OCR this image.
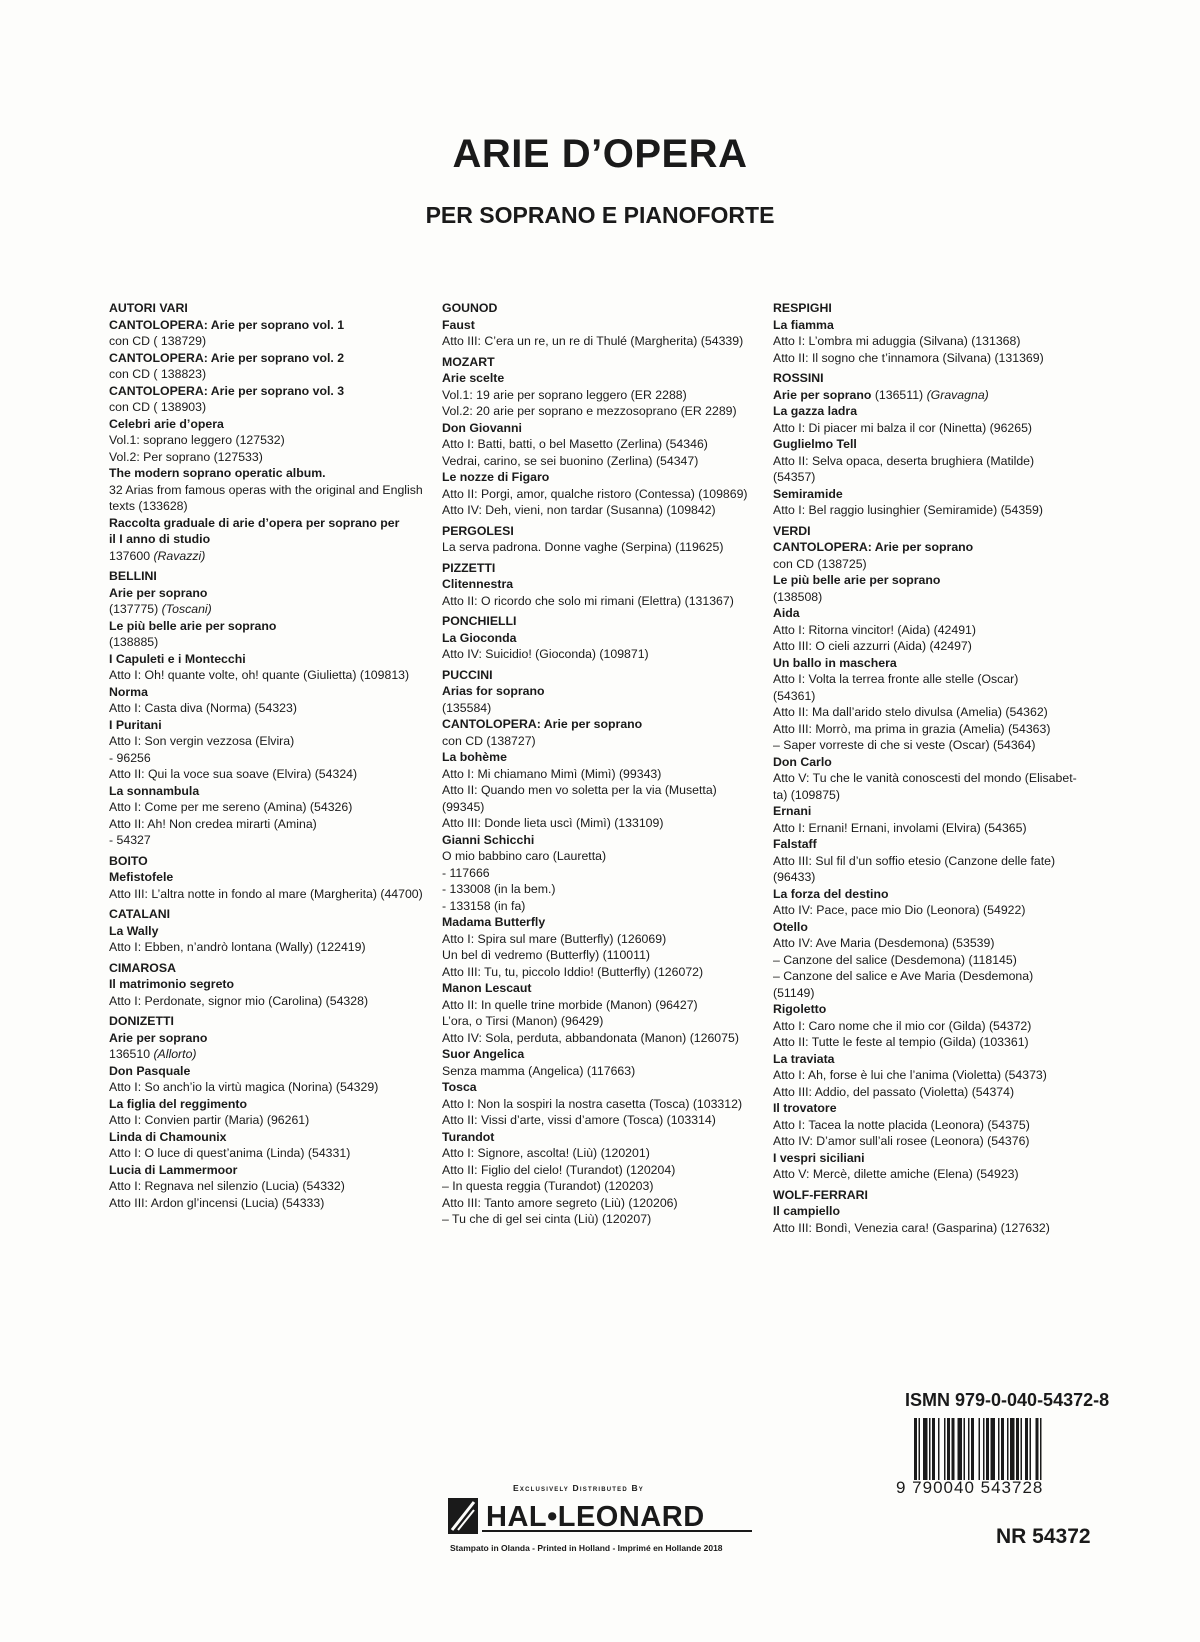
ARIE D’OPERA
PER SOPRANO E PIANOFORTE
AUTORI VARI
CANTOLOPERA: Arie per soprano vol. 1
con CD ( 138729)
CANTOLOPERA: Arie per soprano vol. 2
con CD ( 138823)
CANTOLOPERA: Arie per soprano vol. 3
con CD ( 138903)
Celebri arie d’opera
Vol.1: soprano leggero (127532)
Vol.2: Per soprano (127533)
The modern soprano operatic album.
32 Arias from famous operas with the original and English
texts (133628)
Raccolta graduale di arie d’opera per soprano per
il I anno di studio
137600 (Ravazzi)
BELLINI
Arie per soprano
(137775) (Toscani)
Le più belle arie per soprano
(138885)
I Capuleti e i Montecchi
Atto I: Oh! quante volte, oh! quante (Giulietta) (109813)
Norma
Atto I: Casta diva (Norma) (54323)
I Puritani
Atto I: Son vergin vezzosa (Elvira)
- 96256
Atto II: Qui la voce sua soave (Elvira) (54324)
La sonnambula
Atto I: Come per me sereno (Amina) (54326)
Atto II: Ah! Non credea mirarti (Amina)
- 54327
BOITO
Mefistofele
Atto III: L’altra notte in fondo al mare (Margherita) (44700)
CATALANI
La Wally
Atto I: Ebben, n’andrò lontana (Wally) (122419)
CIMAROSA
Il matrimonio segreto
Atto I: Perdonate, signor mio (Carolina) (54328)
DONIZETTI
Arie per soprano
136510 (Allorto)
Don Pasquale
Atto I: So anch’io la virtù magica (Norina) (54329)
La figlia del reggimento
Atto I: Convien partir (Maria) (96261)
Linda di Chamounix
Atto I: O luce di quest’anima (Linda) (54331)
Lucia di Lammermoor
Atto I: Regnava nel silenzio (Lucia) (54332)
Atto III: Ardon gl’incensi (Lucia) (54333)
GOUNOD
Faust
Atto III: C’era un re, un re di Thulé (Margherita) (54339)
MOZART
Arie scelte
Vol.1: 19 arie per soprano leggero (ER 2288)
Vol.2: 20 arie per soprano e mezzosoprano (ER 2289)
Don Giovanni
Atto I: Batti, batti, o bel Masetto (Zerlina) (54346)
Vedrai, carino, se sei buonino (Zerlina) (54347)
Le nozze di Figaro
Atto II: Porgi, amor, qualche ristoro (Contessa) (109869)
Atto IV: Deh, vieni, non tardar (Susanna) (109842)
PERGOLESI
La serva padrona. Donne vaghe (Serpina) (119625)
PIZZETTI
Clitennestra
Atto II: O ricordo che solo mi rimani (Elettra) (131367)
PONCHIELLI
La Gioconda
Atto IV: Suicidio! (Gioconda) (109871)
PUCCINI
Arias for soprano
(135584)
CANTOLOPERA: Arie per soprano
con CD (138727)
La bohème
Atto I: Mi chiamano Mimì (Mimì) (99343)
Atto II: Quando men vo soletta per la via (Musetta)
(99345)
Atto III: Donde lieta uscì (Mimì) (133109)
Gianni Schicchi
O mio babbino caro (Lauretta)
- 117666
- 133008 (in la bem.)
- 133158 (in fa)
Madama Butterfly
Atto I: Spira sul mare (Butterfly) (126069)
Un bel dì vedremo (Butterfly) (110011)
Atto III: Tu, tu, piccolo Iddio! (Butterfly) (126072)
Manon Lescaut
Atto II: In quelle trine morbide (Manon) (96427)
L’ora, o Tirsi (Manon) (96429)
Atto IV: Sola, perduta, abbandonata (Manon) (126075)
Suor Angelica
Senza mamma (Angelica) (117663)
Tosca
Atto I: Non la sospiri la nostra casetta (Tosca) (103312)
Atto II: Vissi d’arte, vissi d’amore (Tosca) (103314)
Turandot
Atto I: Signore, ascolta! (Liù) (120201)
Atto II: Figlio del cielo! (Turandot) (120204)
– In questa reggia (Turandot) (120203)
Atto III: Tanto amore segreto (Liù) (120206)
– Tu che di gel sei cinta (Liù) (120207)
RESPIGHI
La fiamma
Atto I: L’ombra mi aduggia (Silvana) (131368)
Atto II: Il sogno che t’innamora (Silvana) (131369)
ROSSINI
Arie per soprano (136511) (Gravagna)
La gazza ladra
Atto I: Di piacer mi balza il cor (Ninetta) (96265)
Guglielmo Tell
Atto II: Selva opaca, deserta brughiera (Matilde)
(54357)
Semiramide
Atto I: Bel raggio lusinghier (Semiramide) (54359)
VERDI
CANTOLOPERA: Arie per soprano
con CD (138725)
Le più belle arie per soprano
(138508)
Aida
Atto I: Ritorna vincitor! (Aida) (42491)
Atto III: O cieli azzurri (Aida) (42497)
Un ballo in maschera
Atto I: Volta la terrea fronte alle stelle (Oscar)
(54361)
Atto II: Ma dall’arido stelo divulsa (Amelia) (54362)
Atto III: Morrò, ma prima in grazia (Amelia) (54363)
– Saper vorreste di che si veste (Oscar) (54364)
Don Carlo
Atto V: Tu che le vanità conoscesti del mondo (Elisabet-
ta) (109875)
Ernani
Atto I: Ernani! Ernani, involami (Elvira) (54365)
Falstaff
Atto III: Sul fil d’un soffio etesio (Canzone delle fate)
(96433)
La forza del destino
Atto IV: Pace, pace mio Dio (Leonora) (54922)
Otello
Atto IV: Ave Maria (Desdemona) (53539)
– Canzone del salice (Desdemona) (118145)
– Canzone del salice e Ave Maria (Desdemona)
(51149)
Rigoletto
Atto I: Caro nome che il mio cor (Gilda) (54372)
Atto II: Tutte le feste al tempio (Gilda) (103361)
La traviata
Atto I: Ah, forse è lui che l’anima (Violetta) (54373)
Atto III: Addio, del passato (Violetta) (54374)
Il trovatore
Atto I: Tacea la notte placida (Leonora) (54375)
Atto IV: D’amor sull’ali rosee (Leonora) (54376)
I vespri siciliani
Atto V: Mercè, dilette amiche (Elena) (54923)
WOLF-FERRARI
Il campiello
Atto III: Bondì, Venezia cara! (Gasparina) (127632)
ISMN 979-0-040-54372-8
9 790040 543728
NR 54372
Exclusively Distributed By
HAL•LEONARD
Stampato in Olanda - Printed in Holland - Imprimé en Hollande 2018
